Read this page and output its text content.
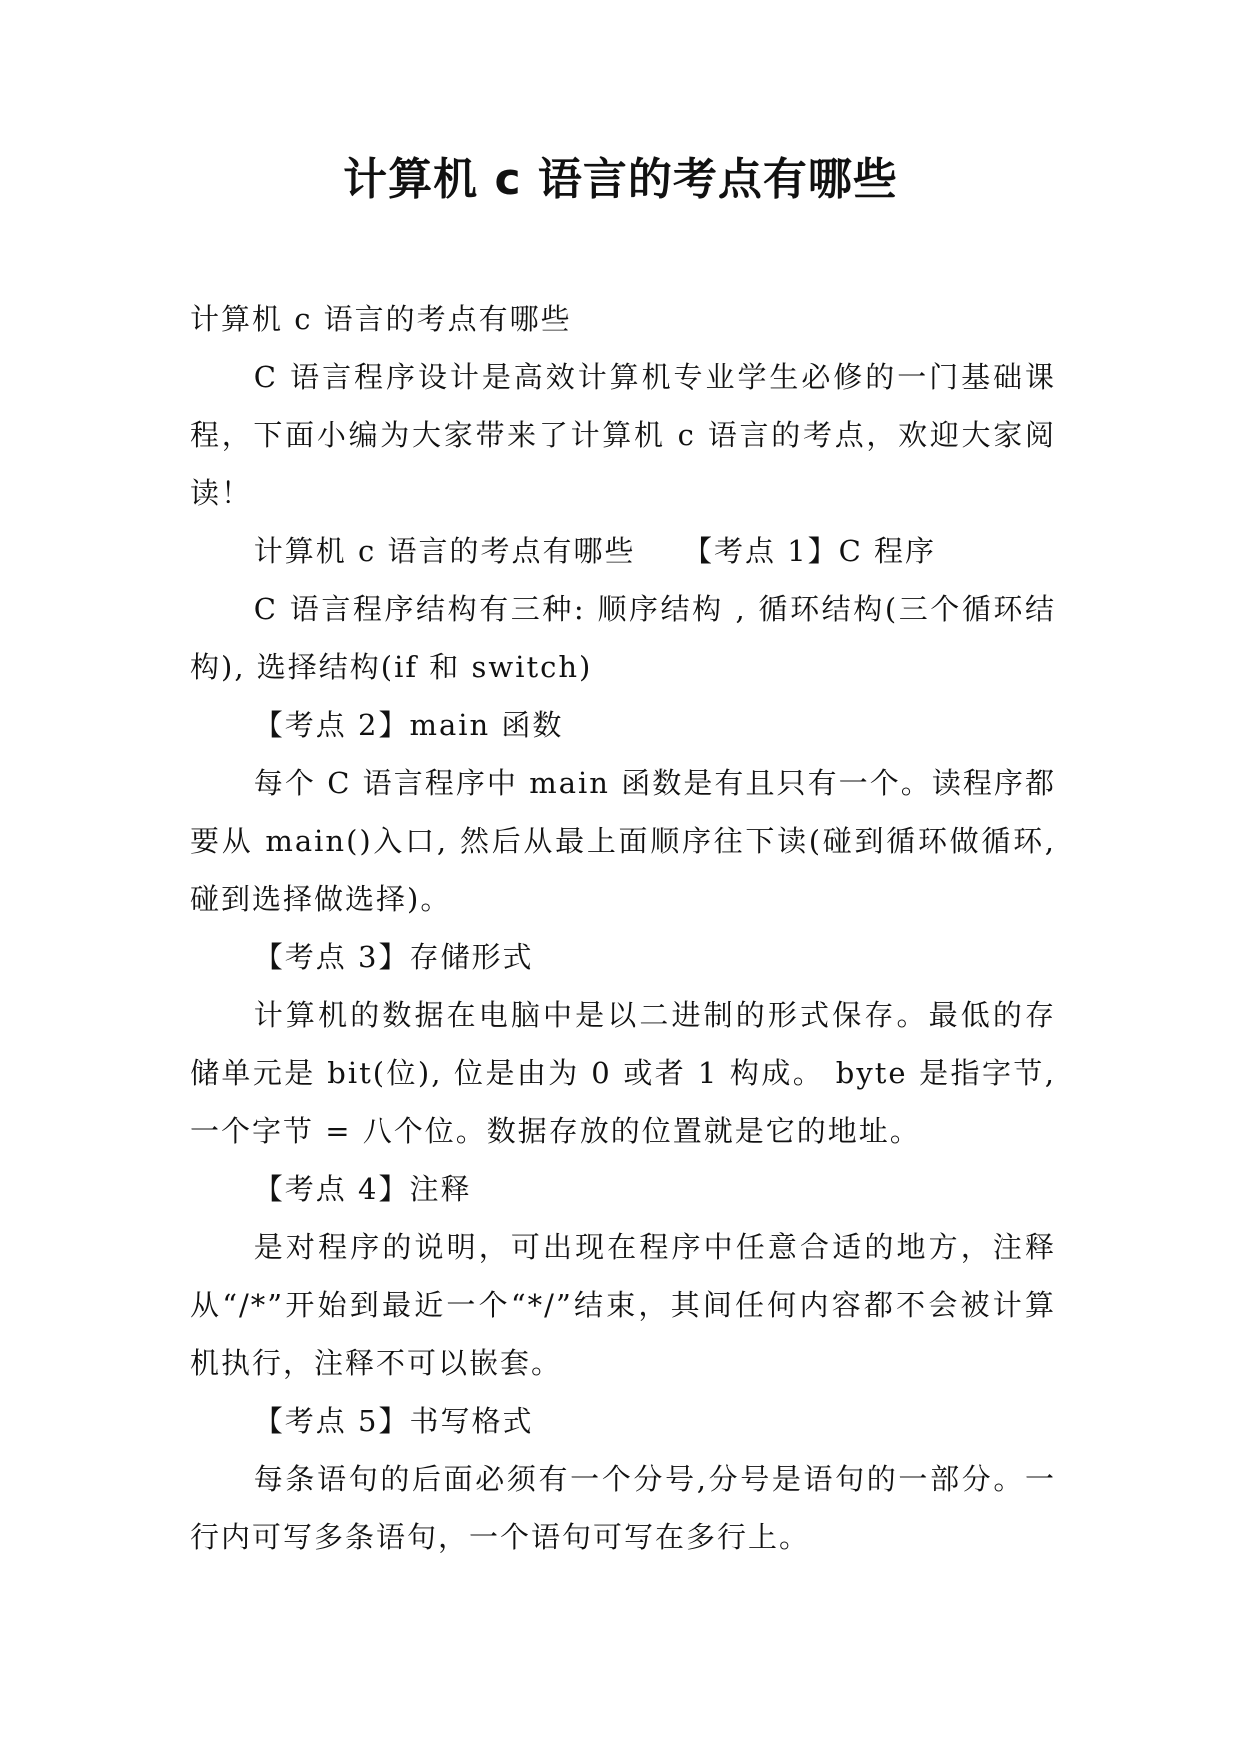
计算机 c 语言的考点有哪些

计算机 c 语言的考点有哪些

C 语言程序设计是高效计算机专业学生必修的一门基础课程，下面小编为大家带来了计算机 c 语言的考点，欢迎大家阅读！

计算机 c 语言的考点有哪些　　【考点 1】C 程序

C 语言程序结构有三种: 顺序结构 , 循环结构(三个循环结构), 选择结构(if 和 switch)

【考点 2】main 函数

每个 C 语言程序中 main 函数是有且只有一个。读程序都要从 main()入口, 然后从最上面顺序往下读(碰到循环做循环,碰到选择做选择)。

【考点 3】存储形式

计算机的数据在电脑中是以二进制的形式保存。最低的存储单元是 bit(位), 位是由为 0 或者 1 构成。 byte 是指字节, 一个字节 = 八个位。数据存放的位置就是它的地址。

【考点 4】注释

是对程序的说明，可出现在程序中任意合适的地方，注释从“/*”开始到最近一个“*/”结束，其间任何内容都不会被计算机执行，注释不可以嵌套。

【考点 5】书写格式

每条语句的后面必须有一个分号,分号是语句的一部分。一行内可写多条语句，一个语句可写在多行上。
